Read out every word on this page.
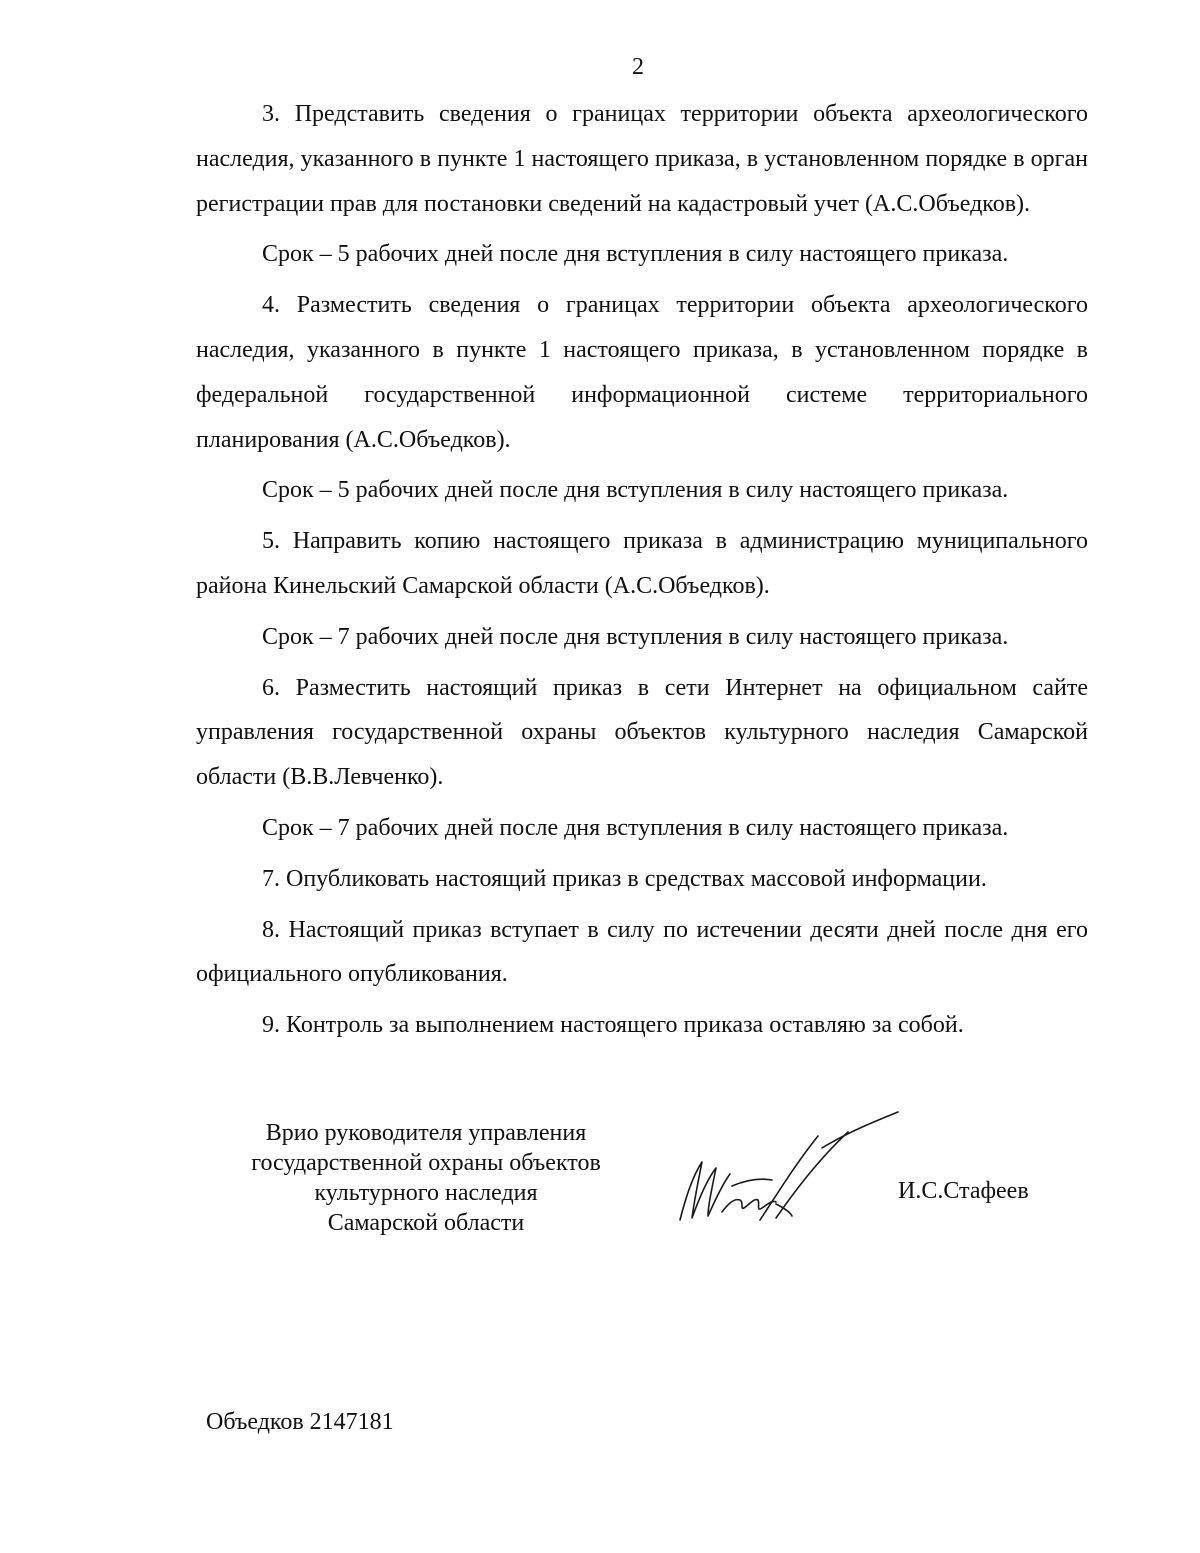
2

3. Представить сведения о границах территории объекта археологического наследия, указанного в пункте 1 настоящего приказа, в установленном порядке в орган регистрации прав для постановки сведений на кадастровый учет (А.С.Объедков).

Срок – 5 рабочих дней после дня вступления в силу настоящего приказа.

4. Разместить сведения о границах территории объекта археологического наследия, указанного в пункте 1 настоящего приказа, в установленном порядке в федеральной государственной информационной системе территориального планирования (А.С.Объедков).

Срок – 5 рабочих дней после дня вступления в силу настоящего приказа.

5. Направить копию настоящего приказа в администрацию муниципального района Кинельский Самарской области (А.С.Объедков).

Срок – 7 рабочих дней после дня вступления в силу настоящего приказа.

6. Разместить настоящий приказ в сети Интернет на официальном сайте управления государственной охраны объектов культурного наследия Самарской области (В.В.Левченко).

Срок – 7 рабочих дней после дня вступления в силу настоящего приказа.

7. Опубликовать настоящий приказ в средствах массовой информации.

8. Настоящий приказ вступает в силу по истечении десяти дней после дня его официального опубликования.

9. Контроль за выполнением настоящего приказа оставляю за собой.

Врио руководителя управления
государственной охраны объектов
культурного наследия
Самарской области
И.С.Стафеев
Объедков 2147181
